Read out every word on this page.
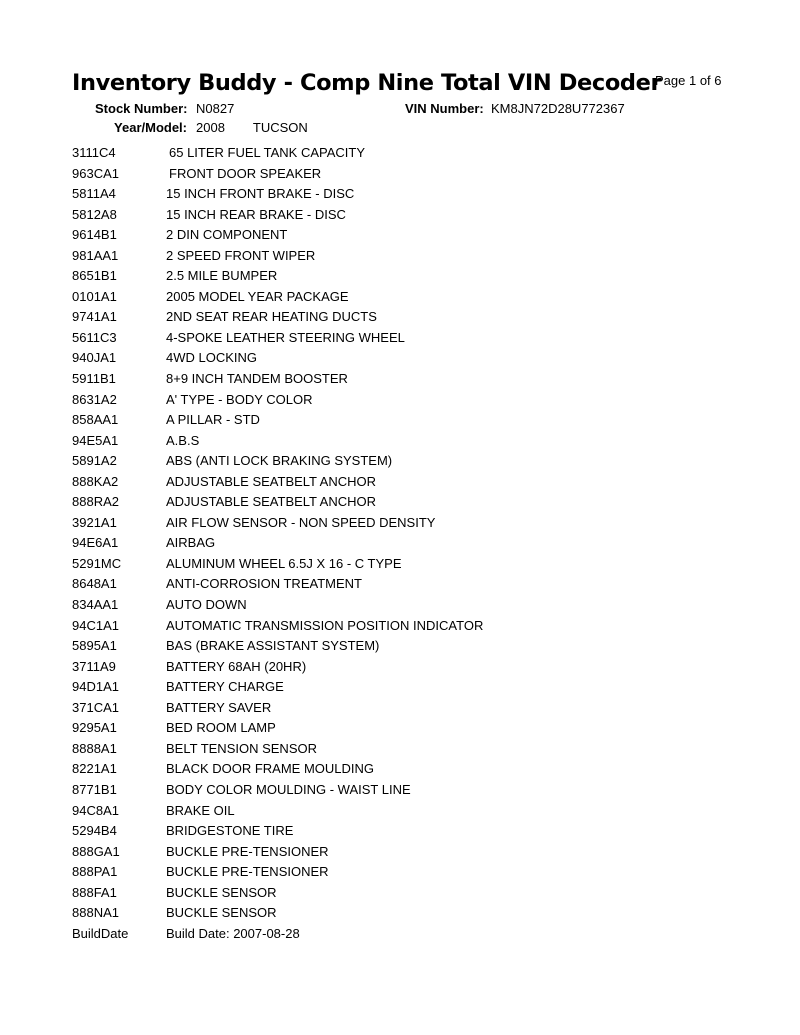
Inventory Buddy - Comp Nine Total VIN Decoder
Page 1 of 6
Stock Number: N0827	VIN Number: KM8JN72D28U772367
Year/Model: 2008 TUCSON
3111C4	65 LITER FUEL TANK CAPACITY
963CA1	FRONT DOOR SPEAKER
5811A4	15 INCH FRONT BRAKE - DISC
5812A8	15 INCH REAR BRAKE - DISC
9614B1	2 DIN COMPONENT
981AA1	2 SPEED FRONT WIPER
8651B1	2.5 MILE BUMPER
0101A1	2005 MODEL YEAR PACKAGE
9741A1	2ND SEAT REAR HEATING DUCTS
5611C3	4-SPOKE LEATHER STEERING WHEEL
940JA1	4WD LOCKING
5911B1	8+9 INCH TANDEM BOOSTER
8631A2	A' TYPE - BODY COLOR
858AA1	A PILLAR - STD
94E5A1	A.B.S
5891A2	ABS (ANTI LOCK BRAKING SYSTEM)
888KA2	ADJUSTABLE SEATBELT ANCHOR
888RA2	ADJUSTABLE SEATBELT ANCHOR
3921A1	AIR FLOW SENSOR - NON SPEED DENSITY
94E6A1	AIRBAG
5291MC	ALUMINUM WHEEL 6.5J X 16 - C TYPE
8648A1	ANTI-CORROSION TREATMENT
834AA1	AUTO DOWN
94C1A1	AUTOMATIC TRANSMISSION POSITION INDICATOR
5895A1	BAS (BRAKE ASSISTANT SYSTEM)
3711A9	BATTERY 68AH (20HR)
94D1A1	BATTERY CHARGE
371CA1	BATTERY SAVER
9295A1	BED ROOM LAMP
8888A1	BELT TENSION SENSOR
8221A1	BLACK DOOR FRAME MOULDING
8771B1	BODY COLOR MOULDING - WAIST LINE
94C8A1	BRAKE OIL
5294B4	BRIDGESTONE TIRE
888GA1	BUCKLE PRE-TENSIONER
888PA1	BUCKLE PRE-TENSIONER
888FA1	BUCKLE SENSOR
888NA1	BUCKLE SENSOR
BuildDate	Build Date: 2007-08-28
